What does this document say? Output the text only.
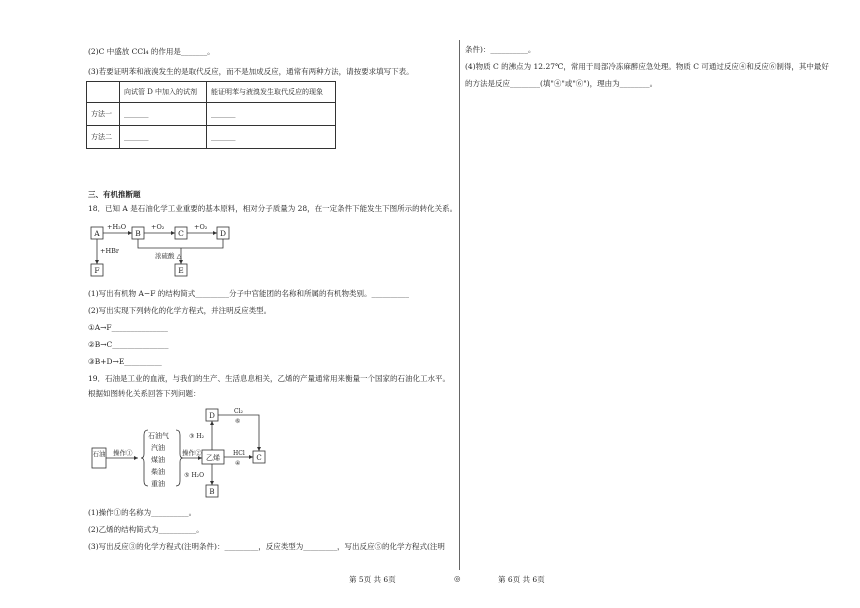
(2)C 中盛放 CCl₄ 的作用是_______。
(3)若要证明苯和液溴发生的是取代反应，而不是加成反应，通常有两种方法，请按要求填写下表。
	向试管 D 中加入的试剂	能证明苯与液溴发生取代反应的现象
方法一	_______	_______
方法二	_______	_______
三、有机推断题
18．已知 A 是石油化学工业重要的基本原料，相对分子质量为 28，在一定条件下能发生下图所示的转化关系。
A	B	C	D
F	E
+H₂O	+O₂	+O₂
+HBr
浓硫酸 △
(1)写出有机物 A−F 的结构简式_________分子中官能团的名称和所属的有机物类别。__________
(2)写出实现下列转化的化学方程式，并注明反应类型。
①A→F_______________
②B→C_______________
③B+D→E__________
19．石油是工业的血液，与我们的生产、生活息息相关，乙烯的产量通常用来衡量一个国家的石油化工水平。
根据如图转化关系回答下列问题：
石油 操作①
石油气
汽油
煤油
柴油
重油
操作②
乙烯
D
C
B
Cl₂
⑥
③ H₂
HCl
④
⑤ H₂O
(1)操作①的名称为__________。
(2)乙烯的结构简式为__________。
(3)写出反应③的化学方程式(注明条件)：_________，反应类型为_________，写出反应⑤的化学方程式(注明
条件)：__________。
(4)物质 C 的沸点为 12.27℃，常用于局部冷冻麻醉应急处理。物质 C 可通过反应④和反应⑥制得，其中最好
的方法是反应________(填"④"或"⑥")，理由为________。
第 5页 共 6页	◎	第 6页 共 6页
